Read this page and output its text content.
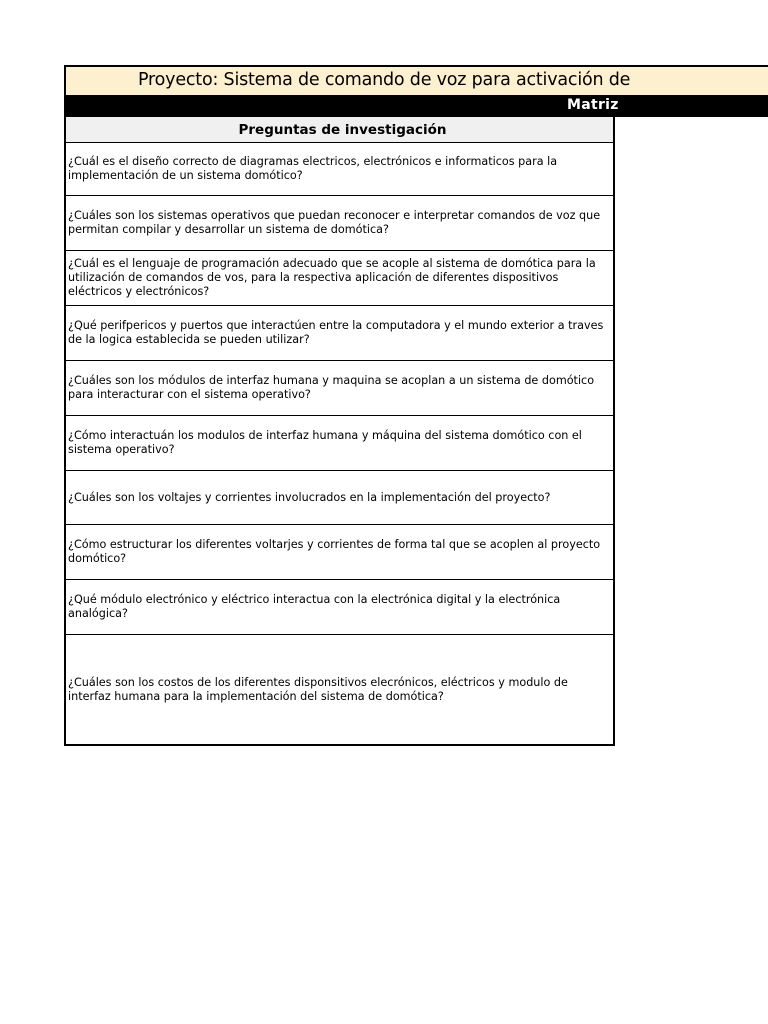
Proyecto: Sistema de comando de voz para activación de
Matriz
Preguntas de investigación
¿Cuál es el diseño correcto de diagramas electricos, electrónicos e informaticos para la implementación de un sistema domótico?
¿Cuáles son los sistemas operativos que puedan reconocer e interpretar comandos de voz que permitan compilar y desarrollar un sistema de domótica?
¿Cuál es el lenguaje de programación adecuado que se acople al sistema de domótica para la utilización de comandos de vos, para la respectiva aplicación de diferentes dispositivos eléctricos y electrónicos?
¿Qué perifpericos y puertos que interactúen entre la computadora y el mundo exterior a traves de la logica establecida se pueden utilizar?
¿Cuáles son los módulos de interfaz humana y maquina se acoplan a un sistema de domótico para interacturar con el sistema operativo?
¿Cómo interactuán los modulos de interfaz humana y máquina del sistema domótico con el sistema operativo?
¿Cuáles son los voltajes y corrientes involucrados en la implementación del proyecto?
¿Cómo estructurar los diferentes voltarjes y corrientes de forma tal que se acoplen al proyecto domótico?
¿Qué módulo electrónico y eléctrico interactua con la electrónica digital y la electrónica analógica?
¿Cuáles son los costos de los diferentes disponsitivos elecrónicos, eléctricos y modulo de interfaz humana para la implementación del sistema de domótica?
